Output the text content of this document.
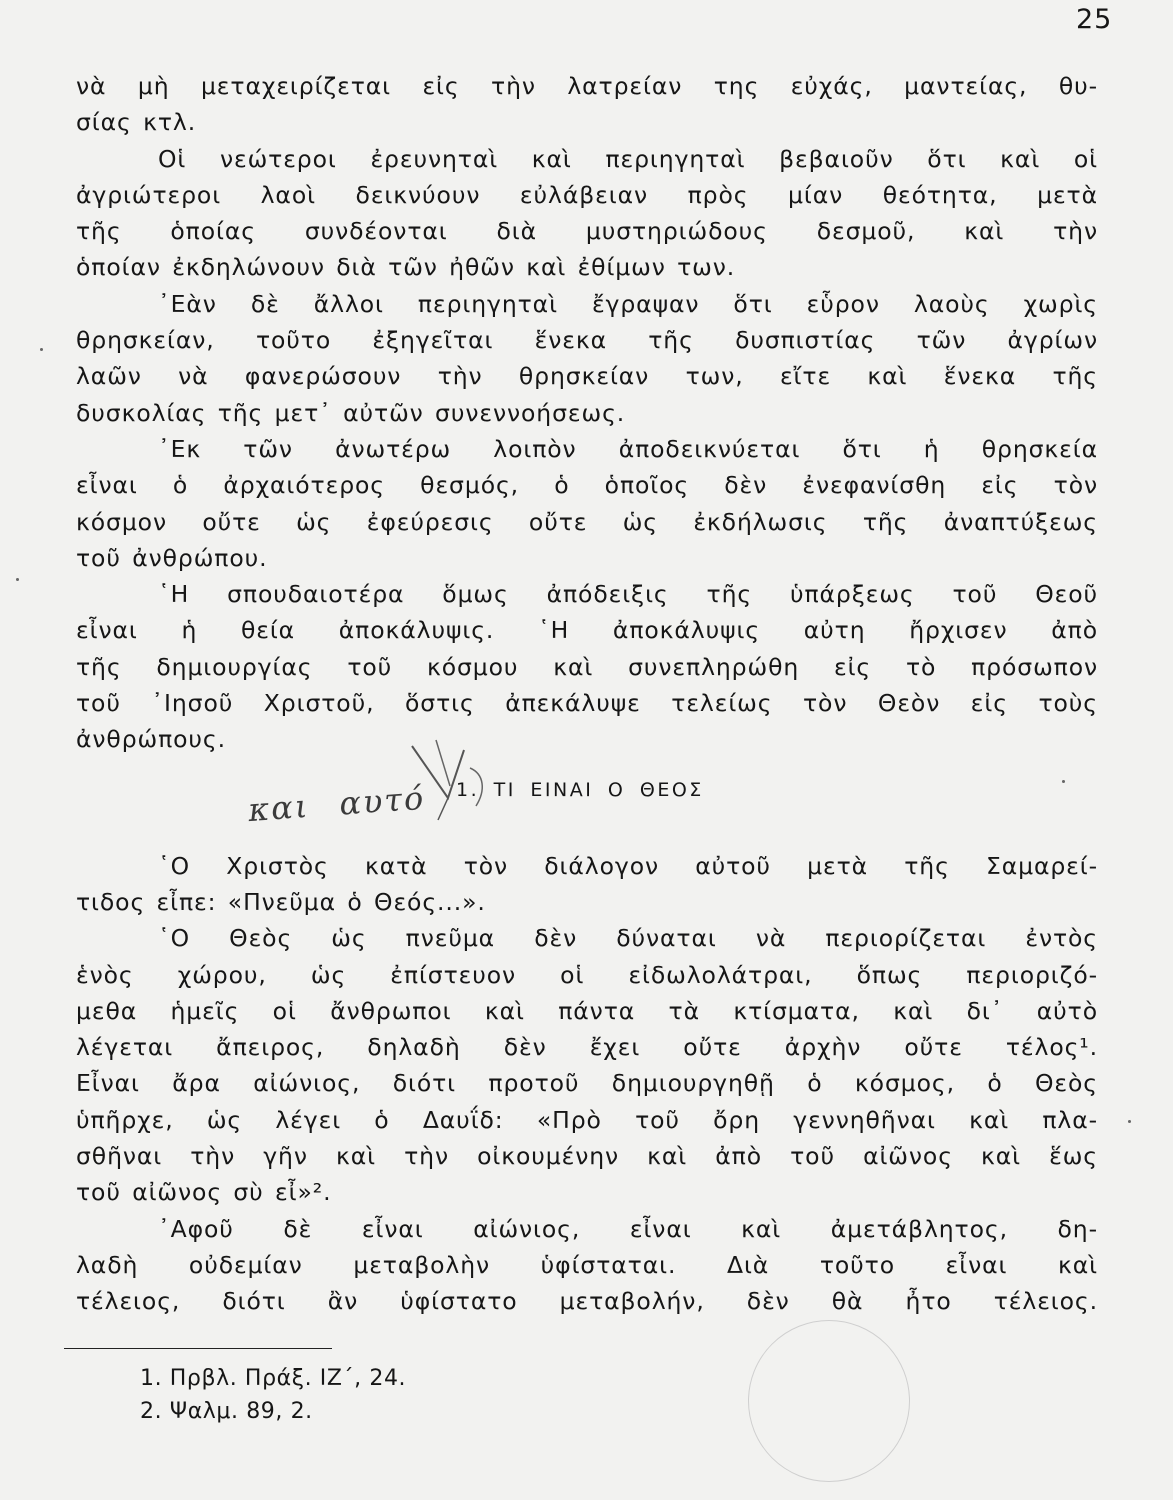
25
νὰ μὴ μεταχειρίζεται εἰς τὴν λατρείαν της εὐχάς, μαντείας, θυ-
σίας κτλ.
Οἱ νεώτεροι ἐρευνηταὶ καὶ περιηγηταὶ βεβαιοῦν ὅτι καὶ οἱ
ἀγριώτεροι λαοὶ δεικνύουν εὐλάβειαν πρὸς μίαν θεότητα, μετὰ
τῆς ὁποίας συνδέονται διὰ μυστηριώδους δεσμοῦ, καὶ τὴν
ὁποίαν ἐκδηλώνουν διὰ τῶν ἠθῶν καὶ ἐθίμων των.
᾿Εὰν δὲ ἄλλοι περιηγηταὶ ἔγραψαν ὅτι εὗρον λαοὺς χωρὶς
θρησκείαν, τοῦτο ἐξηγεῖται ἕνεκα τῆς δυσπιστίας τῶν ἀγρίων
λαῶν νὰ φανερώσουν τὴν θρησκείαν των, εἴτε καὶ ἕνεκα τῆς
δυσκολίας τῆς μετ᾿ αὐτῶν συνεννοήσεως.
᾿Εκ τῶν ἀνωτέρω λοιπὸν ἀποδεικνύεται ὅτι ἡ θρησκεία
εἶναι ὁ ἀρχαιότερος θεσμός, ὁ ὁποῖος δὲν ἐνεφανίσθη εἰς τὸν
κόσμον οὔτε ὡς ἐφεύρεσις οὔτε ὡς ἐκδήλωσις τῆς ἀναπτύξεως
τοῦ ἀνθρώπου.
῾Η σπουδαιοτέρα ὅμως ἀπόδειξις τῆς ὑπάρξεως τοῦ Θεοῦ
εἶναι ἡ θεία ἀποκάλυψις. ῾Η ἀποκάλυψις αὐτη ἤρχισεν ἀπὸ
τῆς δημιουργίας τοῦ κόσμου καὶ συνεπληρώθη εἰς τὸ πρόσωπον
τοῦ ᾿Ιησοῦ Χριστοῦ, ὅστις ἀπεκάλυψε τελείως τὸν Θεὸν εἰς τοὺς
ἀνθρώπους.
και αυτό 1. ΤΙ ΕΙΝΑΙ Ο ΘΕΟΣ
῾Ο Χριστὸς κατὰ τὸν διάλογον αὐτοῦ μετὰ τῆς Σαμαρεί-
τιδος εἶπε: «Πνεῦμα ὁ Θεός...».
῾Ο Θεὸς ὡς πνεῦμα δὲν δύναται νὰ περιορίζεται ἐντὸς
ἑνὸς χώρου, ὡς ἐπίστευον οἱ εἰδωλολάτραι, ὅπως περιοριζό-
μεθα ἡμεῖς οἱ ἄνθρωποι καὶ πάντα τὰ κτίσματα, καὶ δι᾿ αὐτὸ
λέγεται ἄπειρος, δηλαδὴ δὲν ἔχει οὔτε ἀρχὴν οὔτε τέλος¹.
Εἶναι ἄρα αἰώνιος, διότι προτοῦ δημιουργηθῇ ὁ κόσμος, ὁ Θεὸς
ὑπῆρχε, ὡς λέγει ὁ Δαυΐδ: «Πρὸ τοῦ ὄρη γεννηθῆναι καὶ πλα-
σθῆναι τὴν γῆν καὶ τὴν οἰκουμένην καὶ ἀπὸ τοῦ αἰῶνος καὶ ἕως
τοῦ αἰῶνος σὺ εἶ»².
᾿Αφοῦ δὲ εἶναι αἰώνιος, εἶναι καὶ ἀμετάβλητος, δη-
λαδὴ οὐδεμίαν μεταβολὴν ὑφίσταται. Διὰ τοῦτο εἶναι καὶ
τέλειος, διότι ἂν ὑφίστατο μεταβολήν, δὲν θὰ ἦτο τέλειος.
1. Πρβλ. Πράξ. ΙΖ΄, 24.
2. Ψαλμ. 89, 2.
